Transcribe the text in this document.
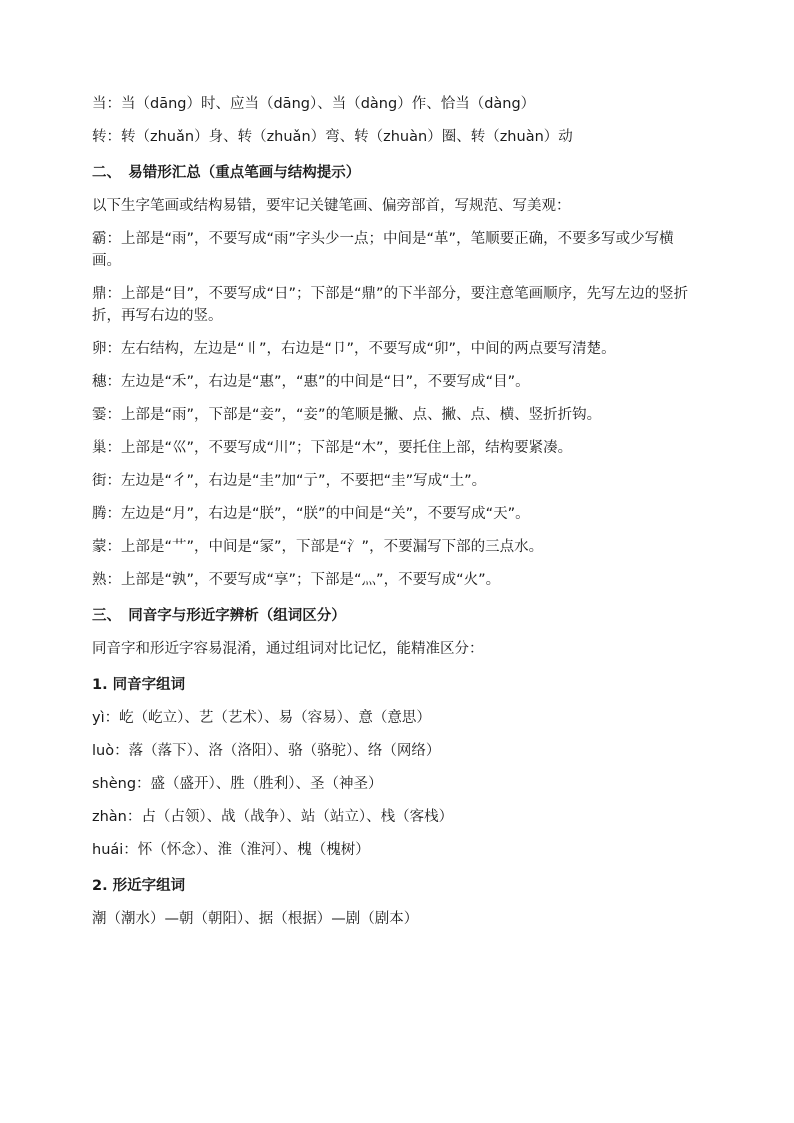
当：当（dāng）时、应当（dāng）、当（dàng）作、恰当（dàng）

转：转（zhuǎn）身、转（zhuǎn）弯、转（zhuàn）圈、转（zhuàn）动

二、　易错形汇总（重点笔画与结构提示）

以下生字笔画或结构易错，要牢记关键笔画、偏旁部首，写规范、写美观：

霸：上部是“雨”，不要写成“雨”字头少一点；中间是“革”，笔顺要正确，不要多写或少写横画。

鼎：上部是“目”，不要写成“日”；下部是“鼎”的下半部分，要注意笔画顺序，先写左边的竖折折，再写右边的竖。

卵：左右结构，左边是“〢”，右边是“卩”，不要写成“卯”，中间的两点要写清楚。

穗：左边是“禾”，右边是“惠”，“惠”的中间是“日”，不要写成“目”。

霎：上部是“雨”，下部是“妾”，“妾”的笔顺是撇、点、撇、点、横、竖折折钩。

巢：上部是“巛”，不要写成“川”；下部是“木”，要托住上部，结构要紧凑。

街：左边是“彳”，右边是“圭”加“亍”，不要把“圭”写成“土”。

腾：左边是“月”，右边是“朕”，“朕”的中间是“关”，不要写成“天”。

蒙：上部是“艹”，中间是“冡”，下部是“氵”，不要漏写下部的三点水。

熟：上部是“孰”，不要写成“享”；下部是“灬”，不要写成“火”。

三、　同音字与形近字辨析（组词区分）

同音字和形近字容易混淆，通过组词对比记忆，能精准区分：

1. 同音字组词

yì：屹（屹立）、艺（艺术）、易（容易）、意（意思）

luò：落（落下）、洛（洛阳）、骆（骆驼）、络（网络）

shèng：盛（盛开）、胜（胜利）、圣（神圣）

zhàn：占（占领）、战（战争）、站（站立）、栈（客栈）

huái：怀（怀念）、淮（淮河）、槐（槐树）

2. 形近字组词

潮（潮水）—朝（朝阳）、据（根据）—剧（剧本）
